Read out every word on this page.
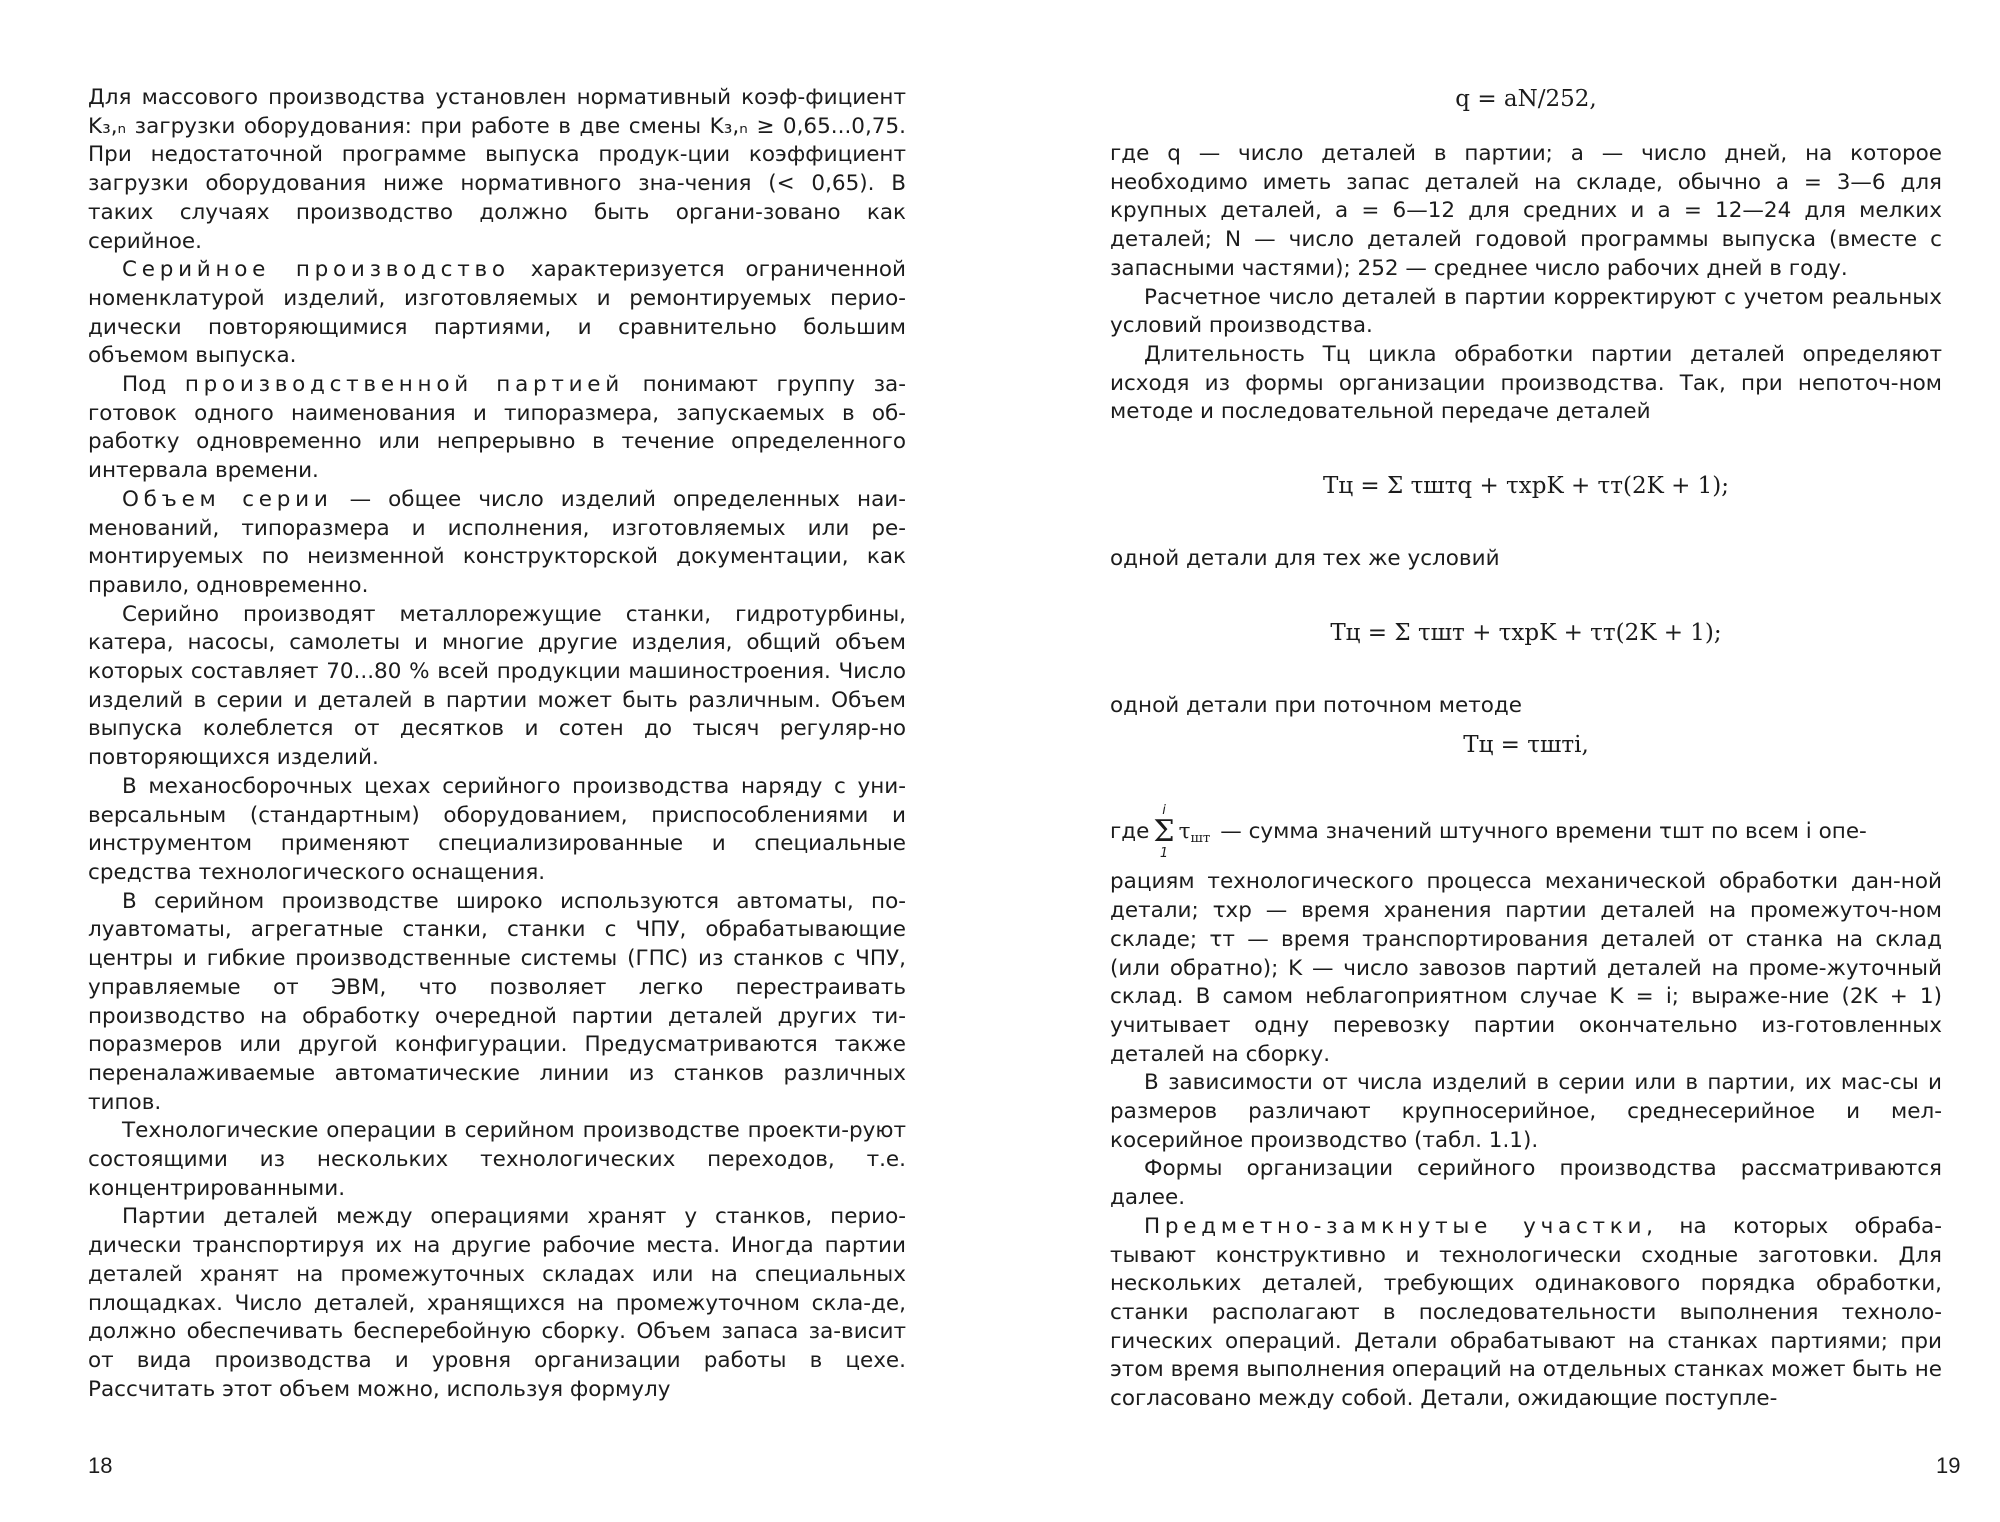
Для массового производства установлен нормативный коэф-фициент K₃,ₙ загрузки оборудования: при работе в две смены K₃,ₙ ≥ 0,65...0,75. При недостаточной программе выпуска продук-ции коэффициент загрузки оборудования ниже нормативного зна-чения (< 0,65). В таких случаях производство должно быть органи-зовано как серийное.

Серийное производство характеризуется ограниченной номенклатурой изделий, изготовляемых и ремонтируемых перио-дически повторяющимися партиями, и сравнительно большим объемом выпуска.

Под производственной партией понимают группу за-готовок одного наименования и типоразмера, запускаемых в об-работку одновременно или непрерывно в течение определенного интервала времени.

Объем серии — общее число изделий определенных наи-менований, типоразмера и исполнения, изготовляемых или ре-монтируемых по неизменной конструкторской документации, как правило, одновременно.

Серийно производят металлорежущие станки, гидротурбины, катера, насосы, самолеты и многие другие изделия, общий объем которых составляет 70...80 % всей продукции машиностроения. Число изделий в серии и деталей в партии может быть различным. Объем выпуска колеблется от десятков и сотен до тысяч регуляр-но повторяющихся изделий.

В механосборочных цехах серийного производства наряду с уни-версальным (стандартным) оборудованием, приспособлениями и инструментом применяют специализированные и специальные средства технологического оснащения.

В серийном производстве широко используются автоматы, по-луавтоматы, агрегатные станки, станки с ЧПУ, обрабатывающие центры и гибкие производственные системы (ГПС) из станков с ЧПУ, управляемые от ЭВМ, что позволяет легко перестраивать производство на обработку очередной партии деталей других ти-поразмеров или другой конфигурации. Предусматриваются также переналаживаемые автоматические линии из станков различных типов.

Технологические операции в серийном производстве проекти-руют состоящими из нескольких технологических переходов, т.е. концентрированными.

Партии деталей между операциями хранят у станков, перио-дически транспортируя их на другие рабочие места. Иногда партии деталей хранят на промежуточных складах или на специальных площадках. Число деталей, хранящихся на промежуточном скла-де, должно обеспечивать бесперебойную сборку. Объем запаса за-висит от вида производства и уровня организации работы в цехе. Рассчитать этот объем можно, используя формулу

18
q = aN/252,

где q — число деталей в партии; a — число дней, на которое необходимо иметь запас деталей на складе, обычно a = 3—6 для крупных деталей, a = 6—12 для средних и a = 12—24 для мелких деталей; N — число деталей годовой программы выпуска (вместе с запасными частями); 252 — среднее число рабочих дней в году.

Расчетное число деталей в партии корректируют с учетом реальных условий производства.

Длительность Tц цикла обработки партии деталей определяют исходя из формы организации производства. Так, при непоточ-ном методе и последовательной передаче деталей

Tц = Σ τштq + τхрK + τт(2K + 1);

одной детали для тех же условий

Tц = Σ τшт + τхрK + τт(2K + 1);

одной детали при поточном методе

Tц = τштi,
где
i
Σ
1
$\tau_{шт}$ — сумма значений штучного времени τшт по всем i опе-

рациям технологического процесса механической обработки дан-ной детали; τхр — время хранения партии деталей на промежуточ-ном складе; τт — время транспортирования деталей от станка на склад (или обратно); K — число завозов партий деталей на проме-жуточный склад. В самом неблагоприятном случае K = i; выраже-ние (2K + 1) учитывает одну перевозку партии окончательно из-готовленных деталей на сборку.

В зависимости от числа изделий в серии или в партии, их мас-сы и размеров различают крупносерийное, среднесерийное и мел-косерийное производство (табл. 1.1).

Формы организации серийного производства рассматриваются далее.

Предметно-замкнутые участки, на которых обраба-тывают конструктивно и технологически сходные заготовки. Для нескольких деталей, требующих одинакового порядка обработки, станки располагают в последовательности выполнения техноло-гических операций. Детали обрабатывают на станках партиями; при этом время выполнения операций на отдельных станках может быть не согласовано между собой. Детали, ожидающие поступле-

19
